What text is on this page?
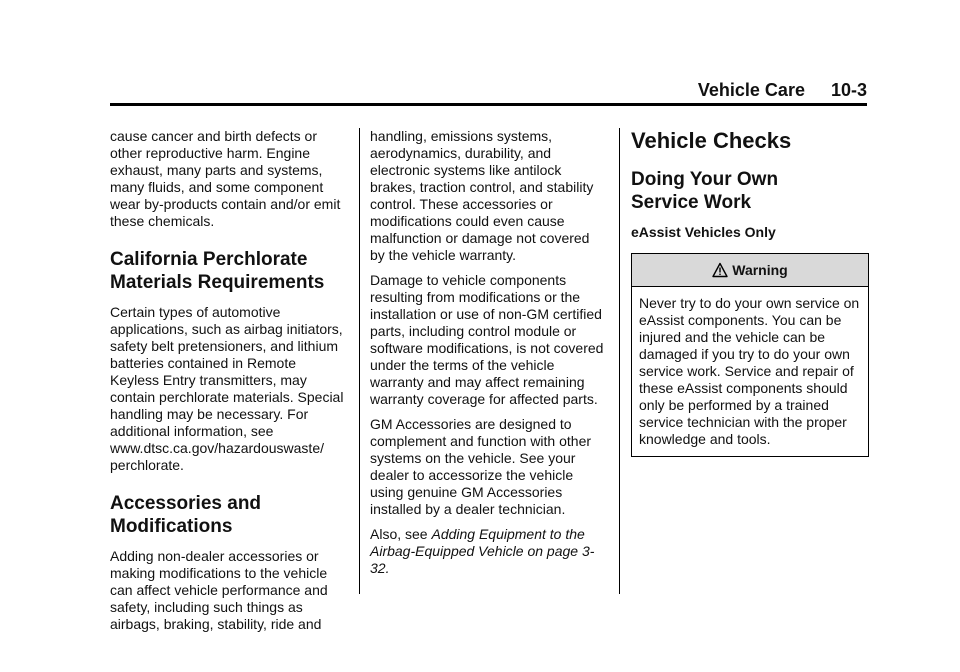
Vehicle Care 10-3

cause cancer and birth defects or other reproductive harm. Engine exhaust, many parts and systems, many fluids, and some component wear by-products contain and/or emit these chemicals.

California Perchlorate
Materials Requirements

Certain types of automotive applications, such as airbag initiators, safety belt pretensioners, and lithium batteries contained in Remote Keyless Entry transmitters, may contain perchlorate materials. Special handling may be necessary. For additional information, see www.dtsc.ca.gov/hazardouswaste/ perchlorate.

Accessories and
Modifications

Adding non-dealer accessories or making modifications to the vehicle can affect vehicle performance and safety, including such things as airbags, braking, stability, ride and

handling, emissions systems, aerodynamics, durability, and electronic systems like antilock brakes, traction control, and stability control. These accessories or modifications could even cause malfunction or damage not covered by the vehicle warranty.

Damage to vehicle components resulting from modifications or the installation or use of non-GM certified parts, including control module or software modifications, is not covered under the terms of the vehicle warranty and may affect remaining warranty coverage for affected parts.

GM Accessories are designed to complement and function with other systems on the vehicle. See your dealer to accessorize the vehicle using genuine GM Accessories installed by a dealer technician.

Also, see Adding Equipment to the Airbag-Equipped Vehicle on page 3-32.

Vehicle Checks
Doing Your Own
Service Work
eAssist Vehicles Only
Warning

Never try to do your own service on eAssist components. You can be injured and the vehicle can be damaged if you try to do your own service work. Service and repair of these eAssist components should only be performed by a trained service technician with the proper knowledge and tools.
